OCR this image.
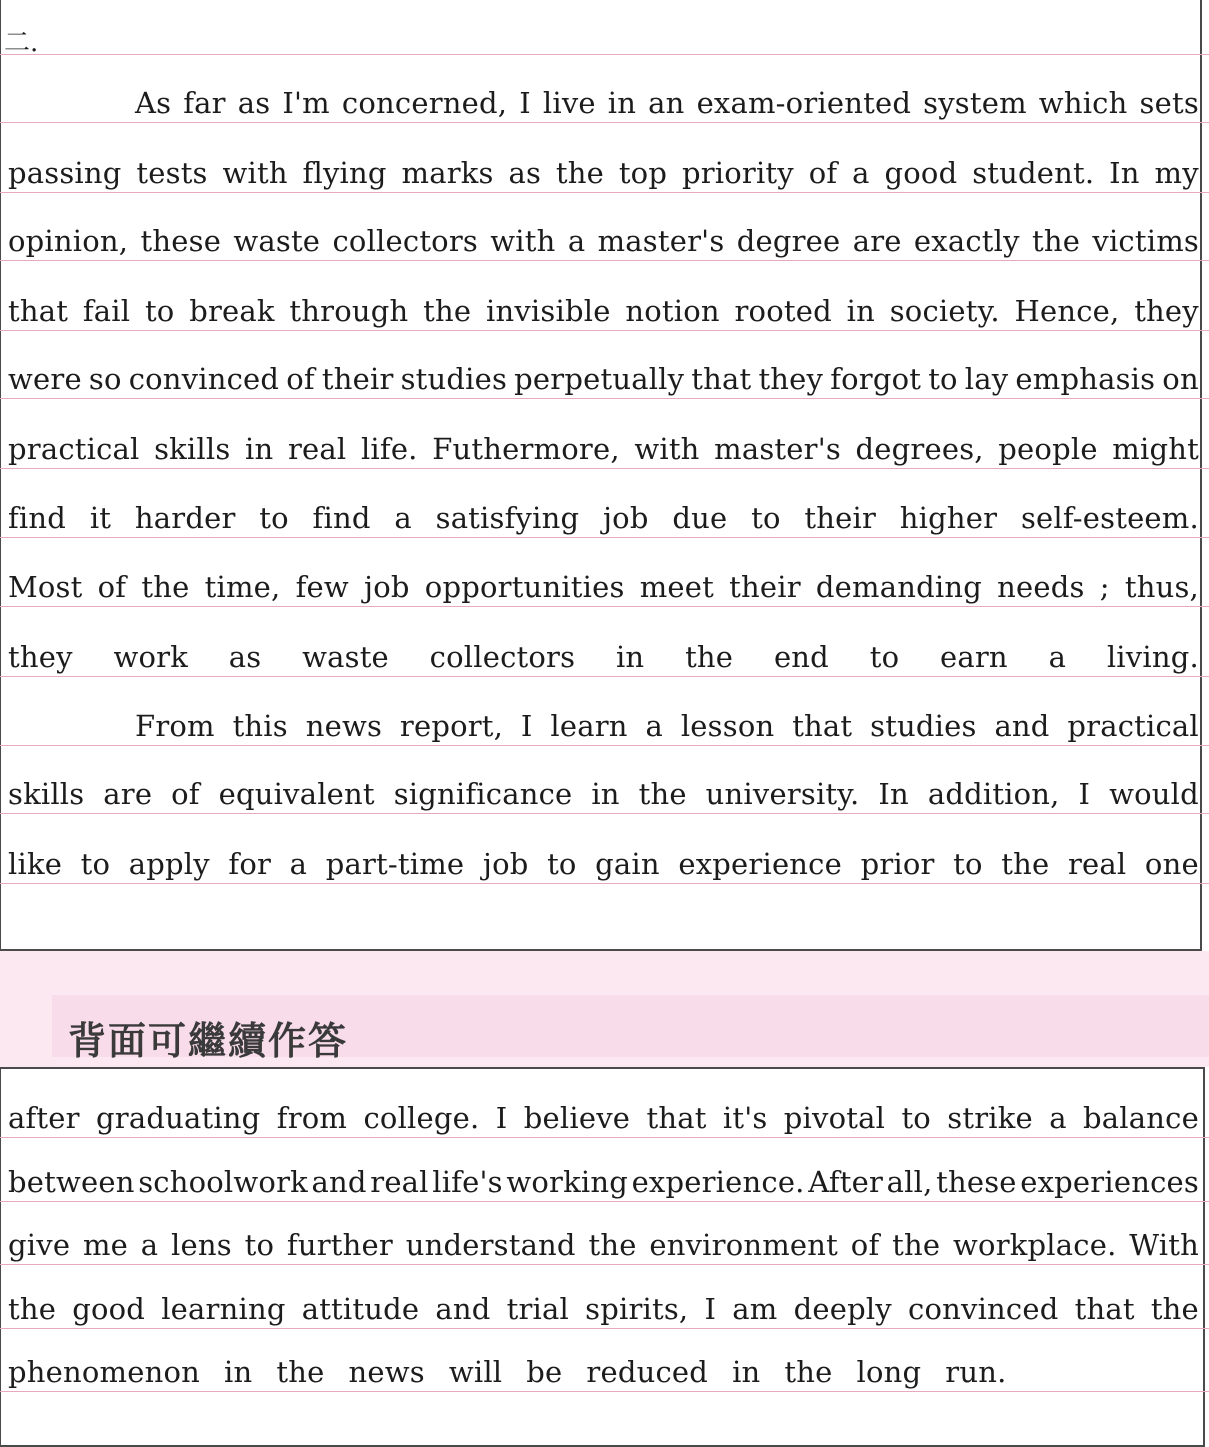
二.
背面可繼續作答
As far as I'm concerned, I live in an exam-oriented system which sets
passing tests with flying marks as the top priority of a good student. In my
opinion, these waste collectors with a master's degree are exactly the victims
that fail to break through the invisible notion rooted in society. Hence, they
were so convinced of their studies perpetually that they forgot to lay emphasis on
practical skills in real life. Futhermore, with master's degrees, people might
find it harder to find a satisfying job due to their higher self-esteem.
Most of the time, few job opportunities meet their demanding needs ; thus,
they work as waste collectors in the end to earn a living.
From this news report, I learn a lesson that studies and practical
skills are of equivalent significance in the university. In addition, I would
like to apply for a part-time job to gain experience prior to the real one
after graduating from college. I believe that it's pivotal to strike a balance
between schoolwork and real life's working experience. After all, these experiences
give me a lens to further understand the environment of the workplace. With
the good learning attitude and trial spirits, I am deeply convinced that the
phenomenon in the news will be reduced in the long run.
